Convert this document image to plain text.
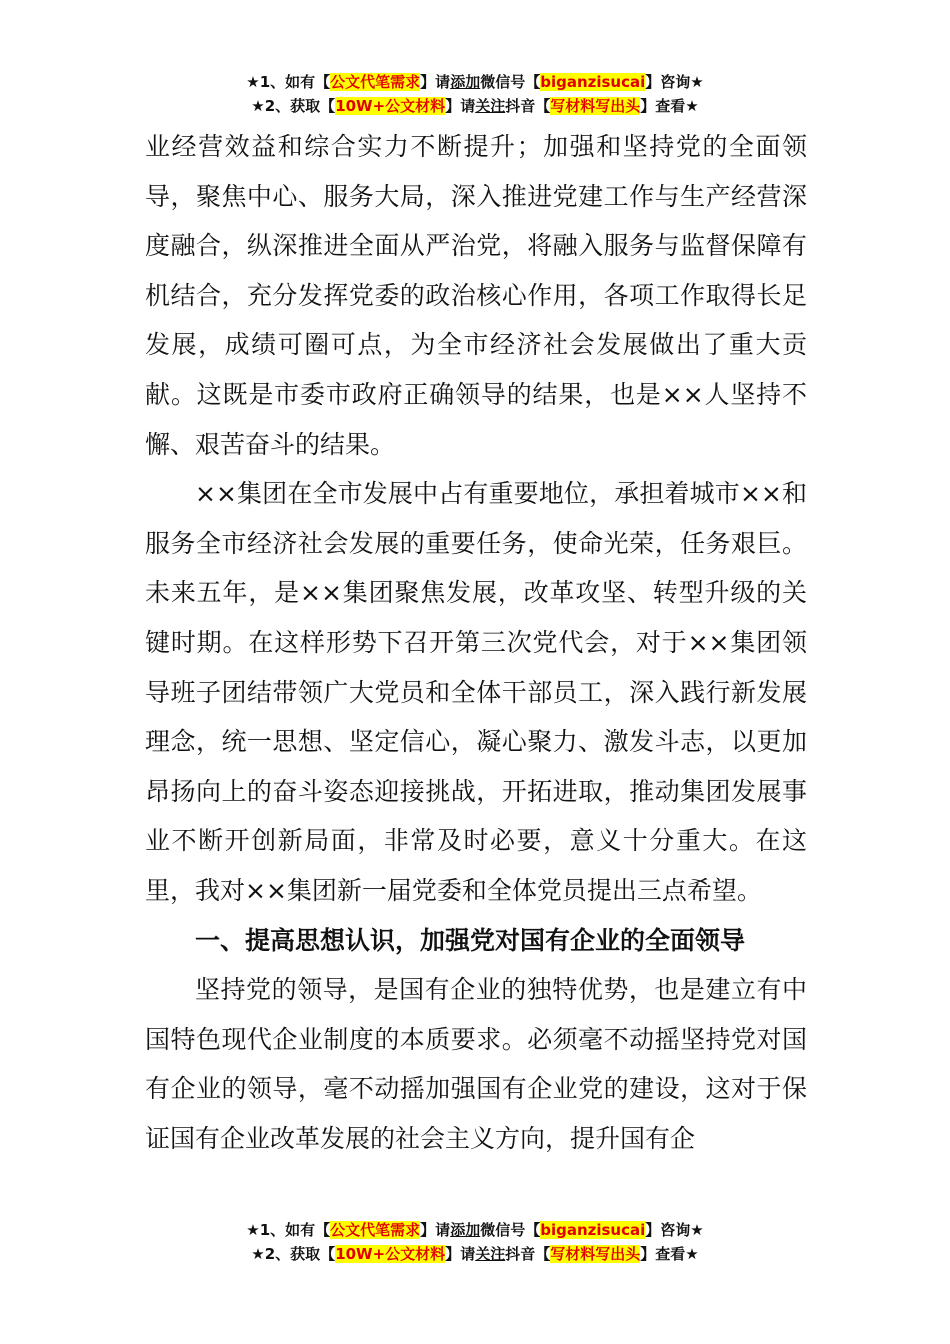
★1、如有【公文代笔需求】请添加微信号【biganzisucai】咨询★
★2、获取【10W+公文材料】请关注抖音【写材料写出头】查看★

业经营效益和综合实力不断提升；加强和坚持党的全面领导，聚焦中心、服务大局，深入推进党建工作与生产经营深度融合，纵深推进全面从严治党，将融入服务与监督保障有机结合，充分发挥党委的政治核心作用，各项工作取得长足发展，成绩可圈可点，为全市经济社会发展做出了重大贡献。这既是市委市政府正确领导的结果，也是××人坚持不懈、艰苦奋斗的结果。

××集团在全市发展中占有重要地位，承担着城市××和服务全市经济社会发展的重要任务，使命光荣，任务艰巨。未来五年，是××集团聚焦发展，改革攻坚、转型升级的关键时期。在这样形势下召开第三次党代会，对于××集团领导班子团结带领广大党员和全体干部员工，深入践行新发展理念，统一思想、坚定信心，凝心聚力、激发斗志，以更加昂扬向上的奋斗姿态迎接挑战，开拓进取，推动集团发展事业不断开创新局面，非常及时必要，意义十分重大。在这里，我对××集团新一届党委和全体党员提出三点希望。

一、提高思想认识，加强党对国有企业的全面领导

坚持党的领导，是国有企业的独特优势，也是建立有中国特色现代企业制度的本质要求。必须毫不动摇坚持党对国有企业的领导，毫不动摇加强国有企业党的建设，这对于保证国有企业改革发展的社会主义方向，提升国有企

★1、如有【公文代笔需求】请添加微信号【biganzisucai】咨询★
★2、获取【10W+公文材料】请关注抖音【写材料写出头】查看★
